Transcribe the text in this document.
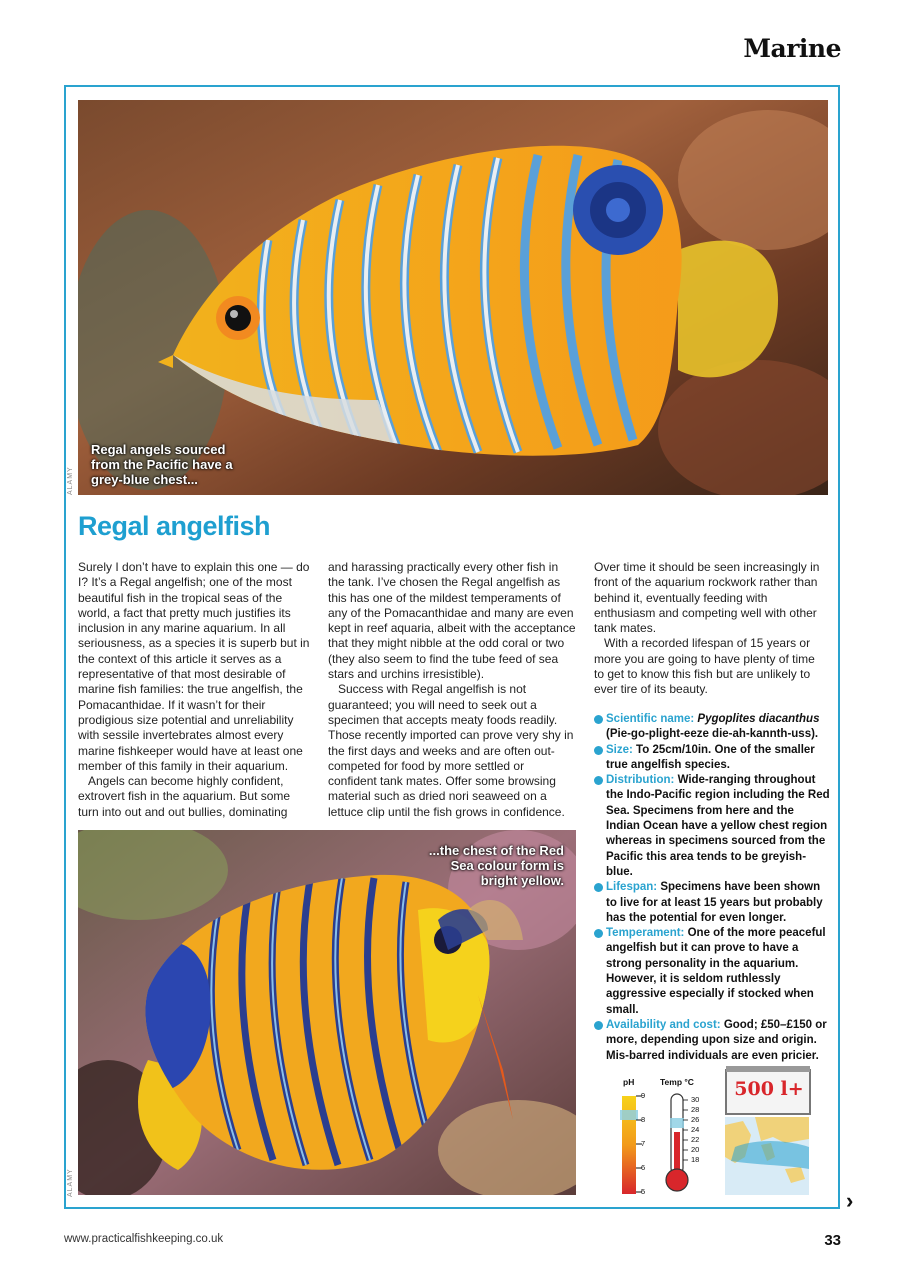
Marine
Regal angels sourced
from the Pacific have a
grey-blue chest...
ALAMY
Regal angelfish

Surely I don’t have to explain this one — do I? It’s a Regal angelfish; one of the most beautiful fish in the tropical seas of the world, a fact that pretty much justifies its inclusion in any marine aquarium. In all seriousness, as a species it is superb but in the context of this article it serves as a representative of that most desirable of marine fish families: the true angelfish, the Pomacanthidae. If it wasn’t for their prodigious size potential and unreliability with sessile invertebrates almost every marine fishkeeper would have at least one member of this family in their aquarium.

Angels can become highly confident, extrovert fish in the aquarium. But some turn into out and out bullies, dominating

and harassing practically every other fish in the tank. I’ve chosen the Regal angelfish as this has one of the mildest temperaments of any of the Pomacanthidae and many are even kept in reef aquaria, albeit with the acceptance that they might nibble at the odd coral or two (they also seem to find the tube feed of sea stars and urchins irresistible).

Success with Regal angelfish is not guaranteed; you will need to seek out a specimen that accepts meaty foods readily. Those recently imported can prove very shy in the first days and weeks and are often out-competed for food by more settled or confident tank mates. Offer some browsing material such as dried nori seaweed on a lettuce clip until the fish grows in confidence.

Over time it should be seen increasingly in front of the aquarium rockwork rather than behind it, eventually feeding with enthusiasm and competing well with other tank mates.

With a recorded lifespan of 15 years or more you are going to have plenty of time to get to know this fish but are unlikely to ever tire of its beauty.

Scientific name: Pygoplites diacanthus (Pie-go-plight-eeze die-ah-kannth-uss).
Size: To 25cm/10in. One of the smaller true angelfish species.
Distribution: Wide-ranging throughout the Indo-Pacific region including the Red Sea. Specimens from here and the Indian Ocean have a yellow chest region whereas in specimens sourced from the Pacific this area tends to be greyish-blue.
Lifespan: Specimens have been shown to live for at least 15 years but probably has the potential for even longer.
Temperament: One of the more peaceful angelfish but it can prove to have a strong personality in the aquarium. However, it is seldom ruthlessly aggressive especially if stocked when small.
Availability and cost: Good; £50–£150 or more, depending upon size and origin. Mis-barred individuals are even pricier.
...the chest of the Red
Sea colour form is
bright yellow.
ALAMY
pH
9
8
7
6
5
Temp °C
30
28
26
24
22
20
18
500 l+
www.practicalfishkeeping.co.uk	33
›
